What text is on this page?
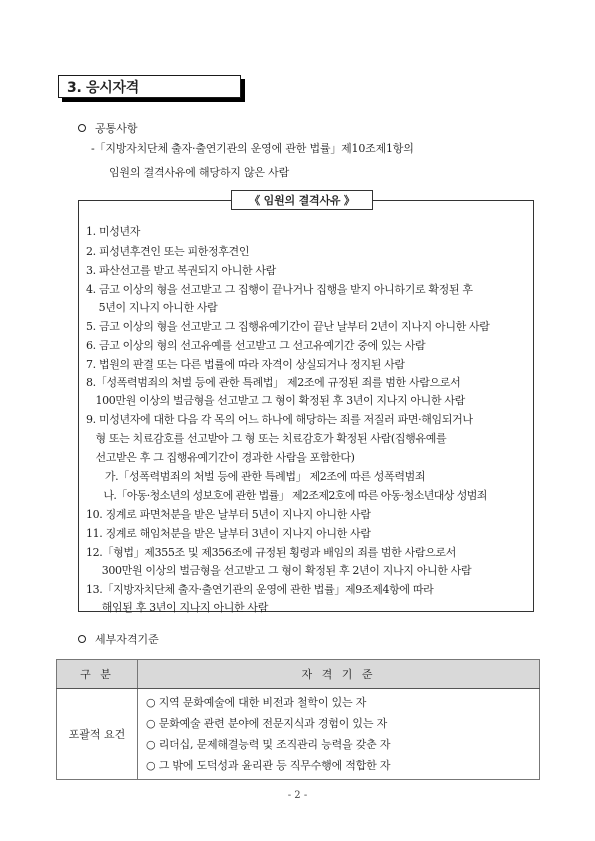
3. 응시자격
공통사항
-「지방자치단체 출자·출연기관의 운영에 관한 법률」제10조제1항의
임원의 결격사유에 해당하지 않은 사람
《 임원의 결격사유 》
1. 미성년자
2. 피성년후견인 또는 피한정후견인
3. 파산선고를 받고 복권되지 아니한 사람
4. 금고 이상의 형을 선고받고 그 집행이 끝나거나 집행을 받지 아니하기로 확정된 후
5년이 지나지 아니한 사람
5. 금고 이상의 형을 선고받고 그 집행유예기간이 끝난 날부터 2년이 지나지 아니한 사람
6. 금고 이상의 형의 선고유예를 선고받고 그 선고유예기간 중에 있는 사람
7. 법원의 판결 또는 다른 법률에 따라 자격이 상실되거나 정지된 사람
8.「성폭력범죄의 처벌 등에 관한 특례법」 제2조에 규정된 죄를 범한 사람으로서
100만원 이상의 벌금형을 선고받고 그 형이 확정된 후 3년이 지나지 아니한 사람
9. 미성년자에 대한 다음 각 목의 어느 하나에 해당하는 죄를 저질러 파면·해임되거나
형 또는 치료감호를 선고받아 그 형 또는 치료감호가 확정된 사람(집행유예를
선고받은 후 그 집행유예기간이 경과한 사람을 포함한다)
가.「성폭력범죄의 처벌 등에 관한 특례법」 제2조에 따른 성폭력범죄
나.「아동·청소년의 성보호에 관한 법률」 제2조제2호에 따른 아동·청소년대상 성범죄
10. 징계로 파면처분을 받은 날부터 5년이 지나지 아니한 사람
11. 징계로 해임처분을 받은 날부터 3년이 지나지 아니한 사람
12.「형법」제355조 및 제356조에 규정된 횡령과 배임의 죄를 범한 사람으로서
300만원 이상의 벌금형을 선고받고 그 형이 확정된 후 2년이 지나지 아니한 사람
13.「지방자치단체 출자·출연기관의 운영에 관한 법률」제9조제4항에 따라
해임된 후 3년이 지나지 아니한 사람
세부자격기준
구 분	자 격 기 준
포괄적 요건	○ 지역 문화예술에 대한 비전과 철학이 있는 자
○ 문화예술 관련 분야에 전문지식과 경험이 있는 자
○ 리더십, 문제해결능력 및 조직관리 능력을 갖춘 자
○ 그 밖에 도덕성과 윤리관 등 직무수행에 적합한 자
- 2 -
